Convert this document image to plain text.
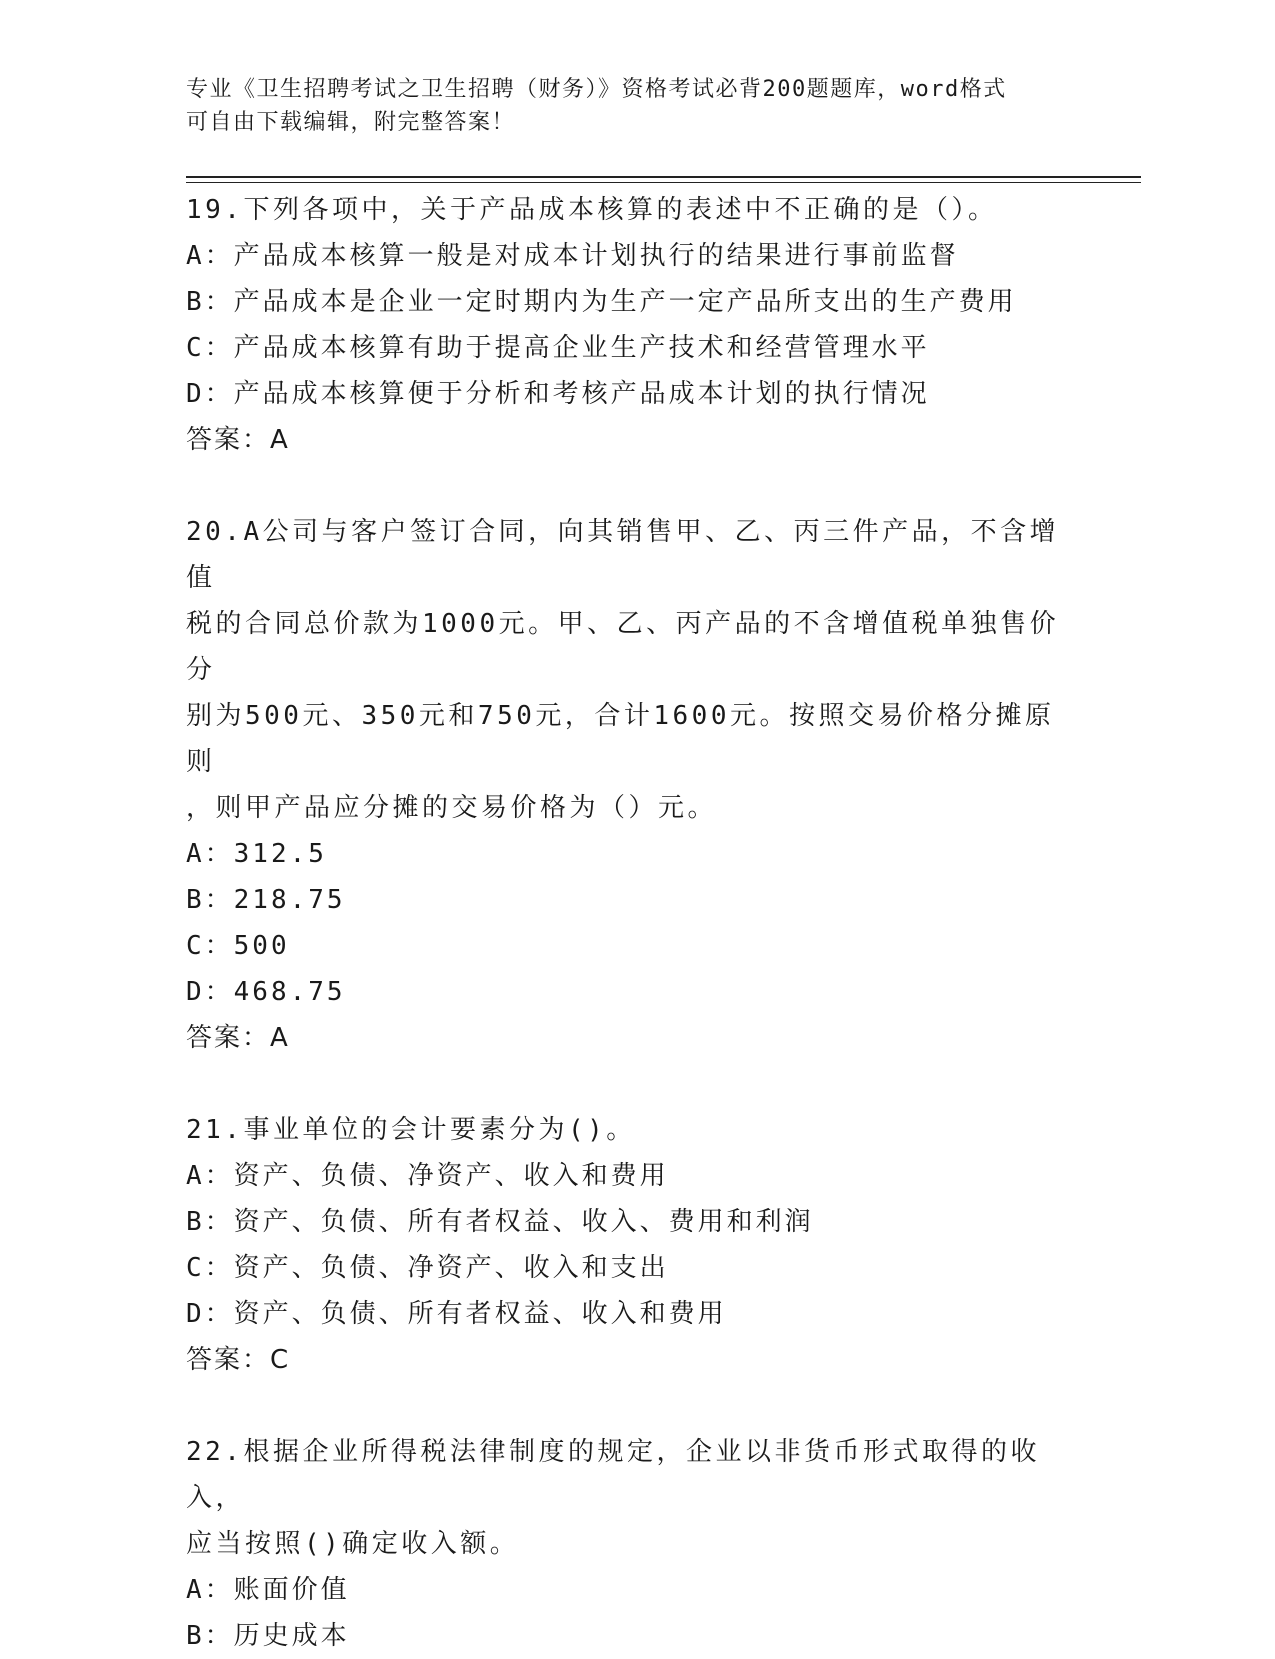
专业《卫生招聘考试之卫生招聘（财务）》资格考试必背200题题库，word格式
可自由下载编辑，附完整答案！
19.下列各项中，关于产品成本核算的表述中不正确的是（）。
A：产品成本核算一般是对成本计划执行的结果进行事前监督
B：产品成本是企业一定时期内为生产一定产品所支出的生产费用
C：产品成本核算有助于提高企业生产技术和经营管理水平
D：产品成本核算便于分析和考核产品成本计划的执行情况
答案：A
20.A公司与客户签订合同，向其销售甲、乙、丙三件产品，不含增值
税的合同总价款为1000元。甲、乙、丙产品的不含增值税单独售价分
别为500元、350元和750元，合计1600元。按照交易价格分摊原则
，则甲产品应分摊的交易价格为（）元。
A：312.5
B：218.75
C：500
D：468.75
答案：A
21.事业单位的会计要素分为()。
A：资产、负债、净资产、收入和费用
B：资产、负债、所有者权益、收入、费用和利润
C：资产、负债、净资产、收入和支出
D：资产、负债、所有者权益、收入和费用
答案：C
22.根据企业所得税法律制度的规定，企业以非货币形式取得的收入，
应当按照()确定收入额。
A：账面价值
B：历史成本
